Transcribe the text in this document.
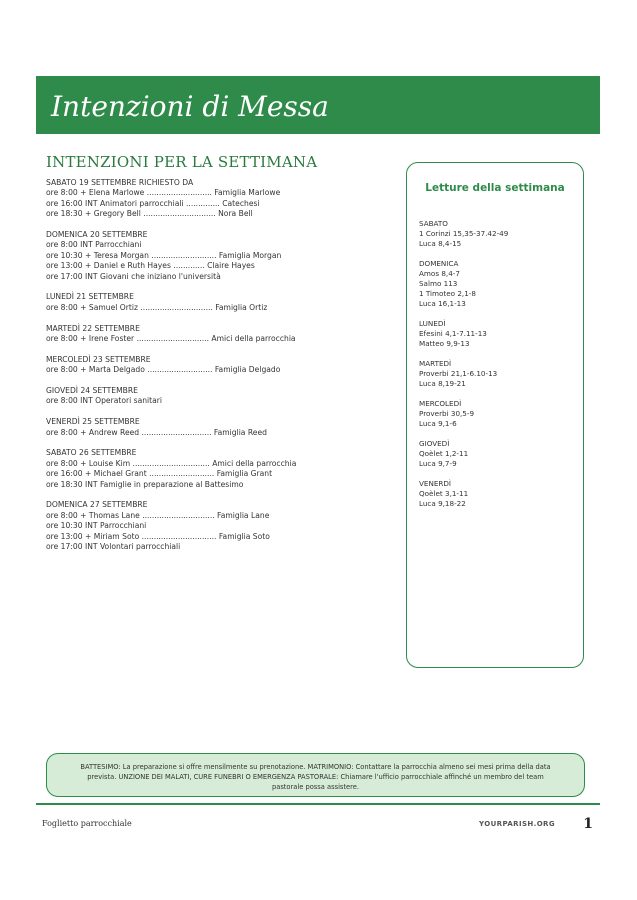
Intenzioni di Messa
INTENZIONI PER LA SETTIMANA
SABATO 19 SETTEMBRE RICHIESTO DA
ore 8:00 + Elena Marlowe ........................... Famiglia Marlowe
ore 16:00 INT Animatori parrocchiali .............. Catechesi
ore 18:30 + Gregory Bell .............................. Nora Bell
DOMENICA 20 SETTEMBRE
ore 8:00 INT Parrocchiani
ore 10:30 + Teresa Morgan ........................... Famiglia Morgan
ore 13:00 + Daniel e Ruth Hayes ............. Claire Hayes
ore 17:00 INT Giovani che iniziano l'università
LUNEDÌ 21 SETTEMBRE
ore 8:00 + Samuel Ortiz .............................. Famiglia Ortiz
MARTEDÌ 22 SETTEMBRE
ore 8:00 + Irene Foster .............................. Amici della parrocchia
MERCOLEDÌ 23 SETTEMBRE
ore 8:00 + Marta Delgado ........................... Famiglia Delgado
GIOVEDÌ 24 SETTEMBRE
ore 8:00 INT Operatori sanitari
VENERDÌ 25 SETTEMBRE
ore 8:00 + Andrew Reed ............................. Famiglia Reed
SABATO 26 SETTEMBRE
ore 8:00 + Louise Kim ................................ Amici della parrocchia
ore 16:00 + Michael Grant ........................... Famiglia Grant
ore 18:30 INT Famiglie in preparazione al Battesimo
DOMENICA 27 SETTEMBRE
ore 8:00 + Thomas Lane .............................. Famiglia Lane
ore 10:30 INT Parrocchiani
ore 13:00 + Miriam Soto ............................... Famiglia Soto
ore 17:00 INT Volontari parrocchiali
Letture della settimana
SABATO
1 Corinzi 15,35-37.42-49
Luca 8,4-15
DOMENICA
Amos 8,4-7
Salmo 113
1 Timoteo 2,1-8
Luca 16,1-13
LUNEDÌ
Efesini 4,1-7.11-13
Matteo 9,9-13
MARTEDÌ
Proverbi 21,1-6.10-13
Luca 8,19-21
MERCOLEDÌ
Proverbi 30,5-9
Luca 9,1-6
GIOVEDÌ
Qoèlet 1,2-11
Luca 9,7-9
VENERDÌ
Qoèlet 3,1-11
Luca 9,18-22
BATTESIMO: La preparazione si offre mensilmente su prenotazione. MATRIMONIO: Contattare la parrocchia almeno sei mesi prima della data prevista. UNZIONE DEI MALATI, CURE FUNEBRI O EMERGENZA PASTORALE: Chiamare l'ufficio parrocchiale affinché un membro del team pastorale possa assistere.
Foglietto parrocchiale	YOURPARISH.ORG 1
